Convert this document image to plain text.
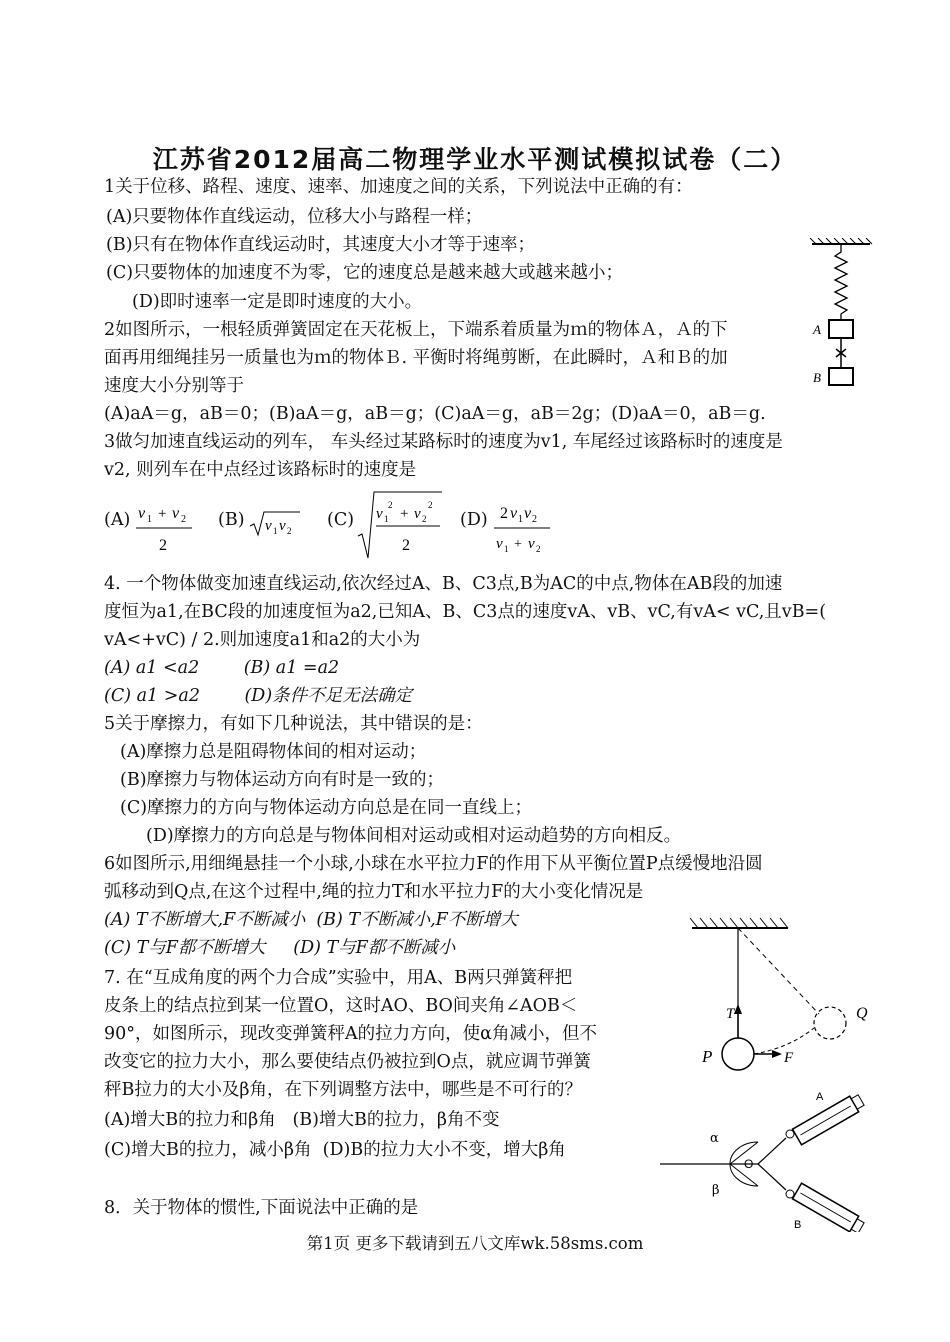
江苏省2012届高二物理学业水平测试模拟试卷（二）
1关于位移、路程、速度、速率、加速度之间的关系，下列说法中正确的有：
(A)只要物体作直线运动，位移大小与路程一样；
(B)只有在物体作直线运动时，其速度大小才等于速率；
(C)只要物体的加速度不为零，它的速度总是越来越大或越来越小；
(D)即时速率一定是即时速度的大小。
2如图所示，一根轻质弹簧固定在天花板上，下端系着质量为ｍ的物体Ａ，Ａ的下
面再用细绳挂另一质量也为ｍ的物体Ｂ. 平衡时将绳剪断，在此瞬时，Ａ和Ｂ的加
速度大小分别等于
(A)aA＝g，aB＝0；(B)aA＝g，aB＝g；(C)aA＝g，aB＝2g；(D)aA＝0，aB＝g.
A
B
3做匀加速直线运动的列车， 车头经过某路标时的速度为v1, 车尾经过该路标时的速度是
v2, 则列车在中点经过该路标时的速度是
(A) v 1 + v 2
2
(B) v 1 v 2
(C) v 1
2
+ v 2
2
2
(D) 2 v 1 v 2
v 1 + v 2
4. 一个物体做变加速直线运动,依次经过A、B、C3点,B为AC的中点,物体在AB段的加速
度恒为a1,在BC段的加速度恒为a2,已知A、B、C3点的速度vA、vB、vC,有vA< vC,且vB=(
vA<+vC) / 2.则加速度a1和a2的大小为
(A) a1 <a2        (B) a1 =a2
(C) a1 >a2        (D)条件不足无法确定
5关于摩擦力，有如下几种说法，其中错误的是：
(A)摩擦力总是阻碍物体间的相对运动；
(B)摩擦力与物体运动方向有时是一致的；
(C)摩擦力的方向与物体运动方向总是在同一直线上；
(D)摩擦力的方向总是与物体间相对运动或相对运动趋势的方向相反。
6如图所示,用细绳悬挂一个小球,小球在水平拉力F的作用下从平衡位置P点缓慢地沿圆
弧移动到Q点,在这个过程中,绳的拉力T和水平拉力F的大小变化情况是
(A) T不断增大,F不断减小  (B) T不断减小,F不断增大
(C) T与F都不断增大     (D) T与F都不断减小
T
P	F
Q
7. 在“互成角度的两个力合成”实验中，用A、B两只弹簧秤把
皮条上的结点拉到某一位置O，这时AO、BO间夹角∠AOB＜
90°，如图所示，现改变弹簧秤A的拉力方向，使α角减小，但不
改变它的拉力大小，那么要使结点仍被拉到O点，就应调节弹簧
秤B拉力的大小及β角，在下列调整方法中，哪些是不可行的？
(A)增大B的拉力和β角   (B)增大B的拉力，β角不变
(C)增大B的拉力，减小β角  (D)B的拉力大小不变，增大β角
A
B
O
α
β
8．关于物体的惯性,下面说法中正确的是
第1页 更多下载请到五八文库wk.58sms.com
